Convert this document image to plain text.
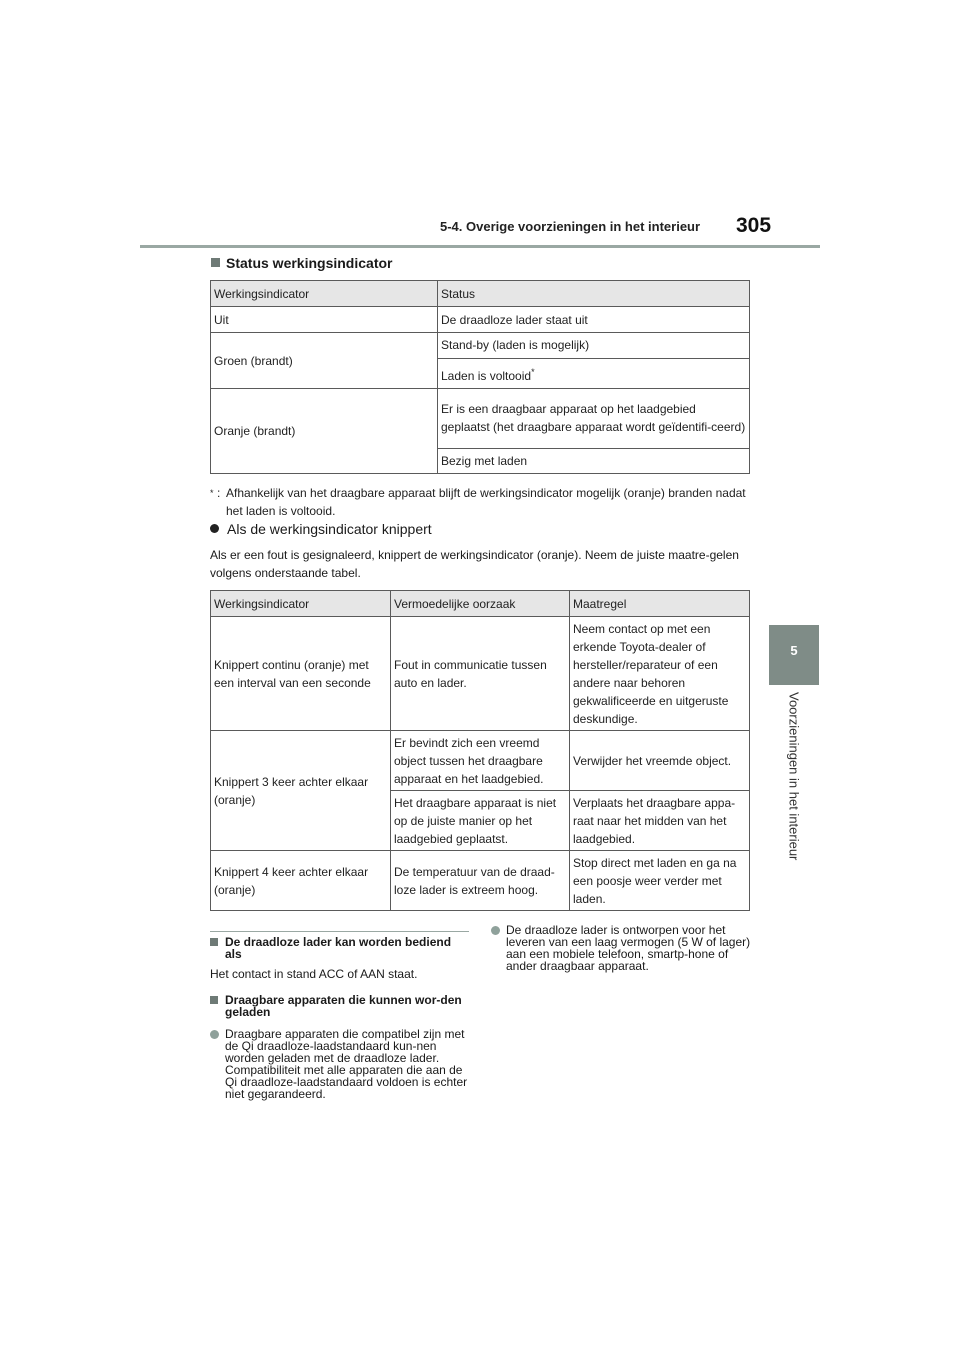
5-4. Overige voorzieningen in het interieur 305
5
Voorzieningen in het interieur
Status werkingsindicator
Werkingsindicator	Status
Uit	De draadloze lader staat uit
Groen (brandt)	Stand-by (laden is mogelijk)
	Laden is voltooid*
Oranje (brandt)	Er is een draagbaar apparaat op het laadgebied geplaatst (het draagbare apparaat wordt geïdentifi-ceerd)
	Bezig met laden
* : Afhankelijk van het draagbare apparaat blijft de werkingsindicator mogelijk (oranje) branden nadat het laden is voltooid.
Als de werkingsindicator knippert
Als er een fout is gesignaleerd, knippert de werkingsindicator (oranje). Neem de juiste maatre-gelen volgens onderstaande tabel.
Werkingsindicator	Vermoedelijke oorzaak	Maatregel
Knippert continu (oranje) met een interval van een seconde	Fout in communicatie tussen auto en lader.	Neem contact op met een erkende Toyota-dealer of hersteller/reparateur of een andere naar behoren gekwalificeerde en uitgeruste deskundige.
Knippert 3 keer achter elkaar (oranje)	Er bevindt zich een vreemd object tussen het draagbare apparaat en het laadgebied.	Verwijder het vreemde object.
	Het draagbare apparaat is niet op de juiste manier op het laadgebied geplaatst.	Verplaats het draagbare appa-raat naar het midden van het laadgebied.
Knippert 4 keer achter elkaar (oranje)	De temperatuur van de draad-loze lader is extreem hoog.	Stop direct met laden en ga na een poosje weer verder met laden.
De draadloze lader kan worden bediend als
Het contact in stand ACC of AAN staat.
Draagbare apparaten die kunnen wor-den geladen
Draagbare apparaten die compatibel zijn met de Qi draadloze-laadstandaard kun-nen worden geladen met de draadloze lader. Compatibiliteit met alle apparaten die aan de Qi draadloze-laadstandaard voldoen is echter niet gegarandeerd.
De draadloze lader is ontworpen voor het leveren van een laag vermogen (5 W of lager) aan een mobiele telefoon, smartp-hone of ander draagbaar apparaat.
